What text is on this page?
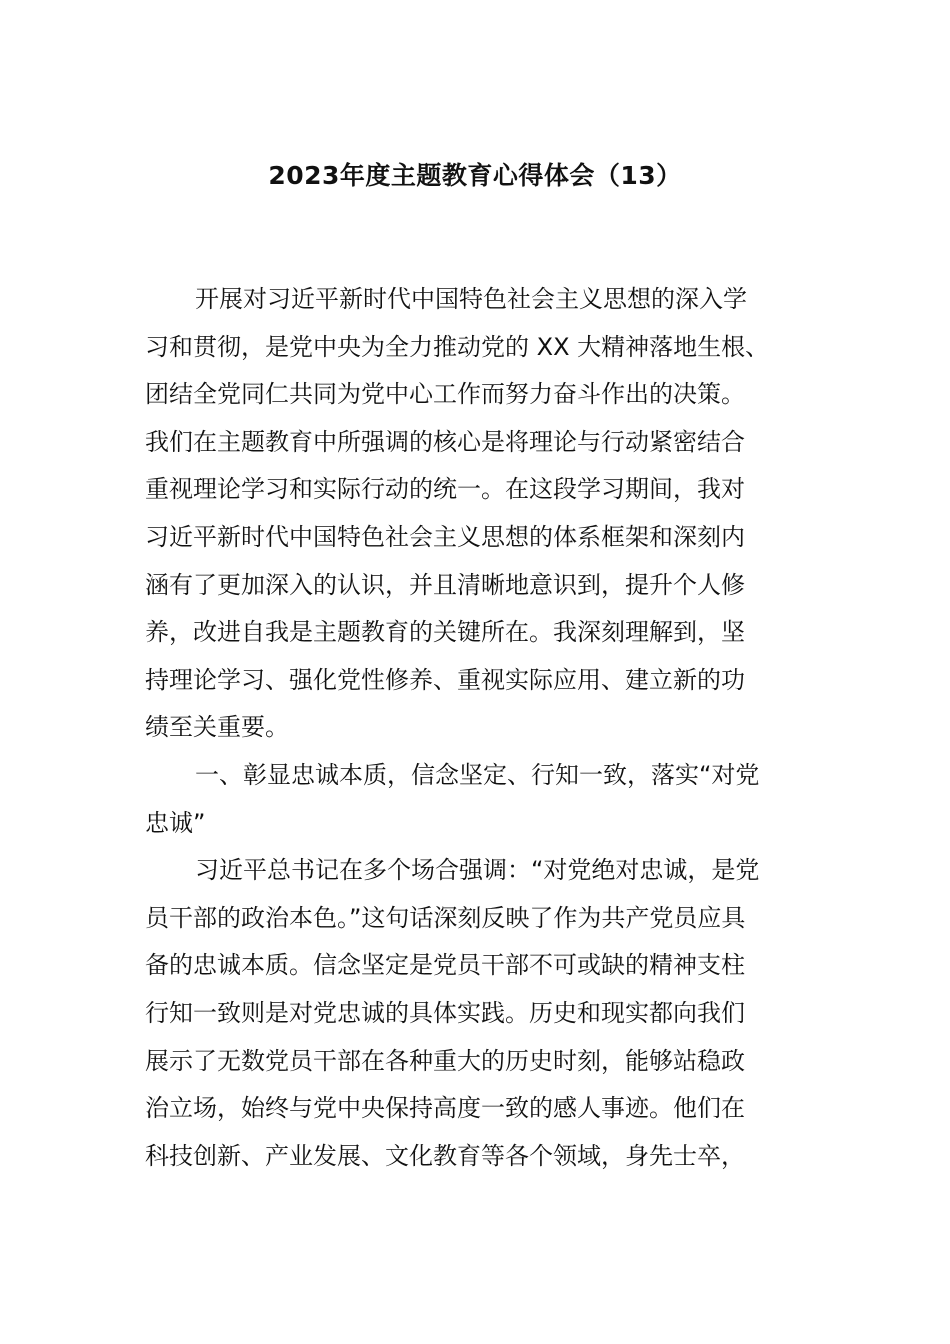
2023年度主题教育心得体会（13）
开展对习近平新时代中国特色社会主义思想的深入学
习和贯彻，是党中央为全力推动党的 XX 大精神落地生根、
团结全党同仁共同为党中心工作而努力奋斗作出的决策。
我们在主题教育中所强调的核心是将理论与行动紧密结合
重视理论学习和实际行动的统一。在这段学习期间，我对
习近平新时代中国特色社会主义思想的体系框架和深刻内
涵有了更加深入的认识，并且清晰地意识到，提升个人修
养，改进自我是主题教育的关键所在。我深刻理解到，坚
持理论学习、强化党性修养、重视实际应用、建立新的功
绩至关重要。
一、彰显忠诚本质，信念坚定、行知一致，落实“对党
忠诚”
习近平总书记在多个场合强调：“对党绝对忠诚，是党
员干部的政治本色。”这句话深刻反映了作为共产党员应具
备的忠诚本质。信念坚定是党员干部不可或缺的精神支柱
行知一致则是对党忠诚的具体实践。历史和现实都向我们
展示了无数党员干部在各种重大的历史时刻，能够站稳政
治立场，始终与党中央保持高度一致的感人事迹。他们在
科技创新、产业发展、文化教育等各个领域，身先士卒，
